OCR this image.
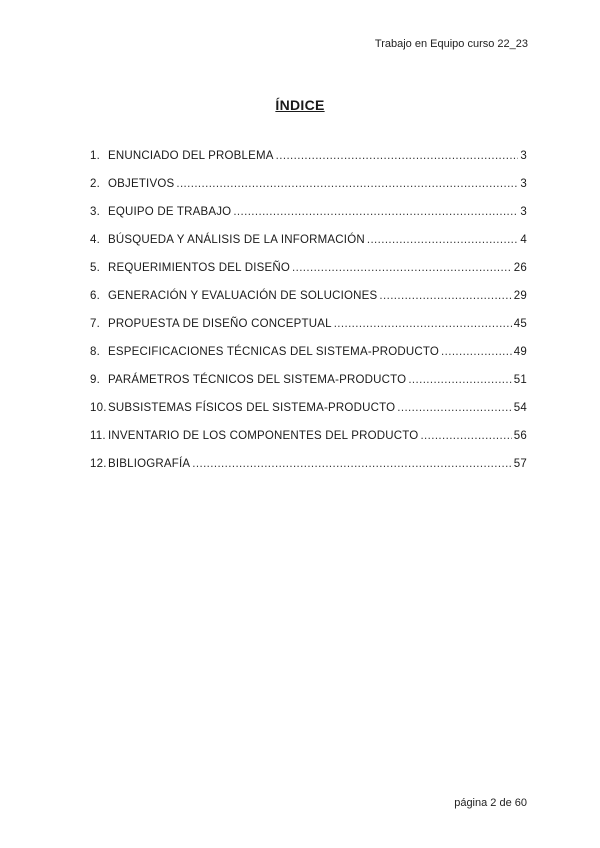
Trabajo en Equipo curso 22_23
ÍNDICE
1. ENUNCIADO DEL PROBLEMA .....	3
2. OBJETIVOS .....	3
3. EQUIPO DE TRABAJO .....	3
4. BÚSQUEDA Y ANÁLISIS DE LA INFORMACIÓN .....	4
5. REQUERIMIENTOS DEL DISEÑO .....	26
6. GENERACIÓN Y EVALUACIÓN DE SOLUCIONES .....	29
7. PROPUESTA DE DISEÑO CONCEPTUAL .....	45
8. ESPECIFICACIONES TÉCNICAS DEL SISTEMA-PRODUCTO .....	49
9. PARÁMETROS TÉCNICOS DEL SISTEMA-PRODUCTO .....	51
10. SUBSISTEMAS FÍSICOS DEL SISTEMA-PRODUCTO .....	54
11. INVENTARIO DE LOS COMPONENTES DEL PRODUCTO .....	56
12. BIBLIOGRAFÍA .....	57
página 2 de 60
